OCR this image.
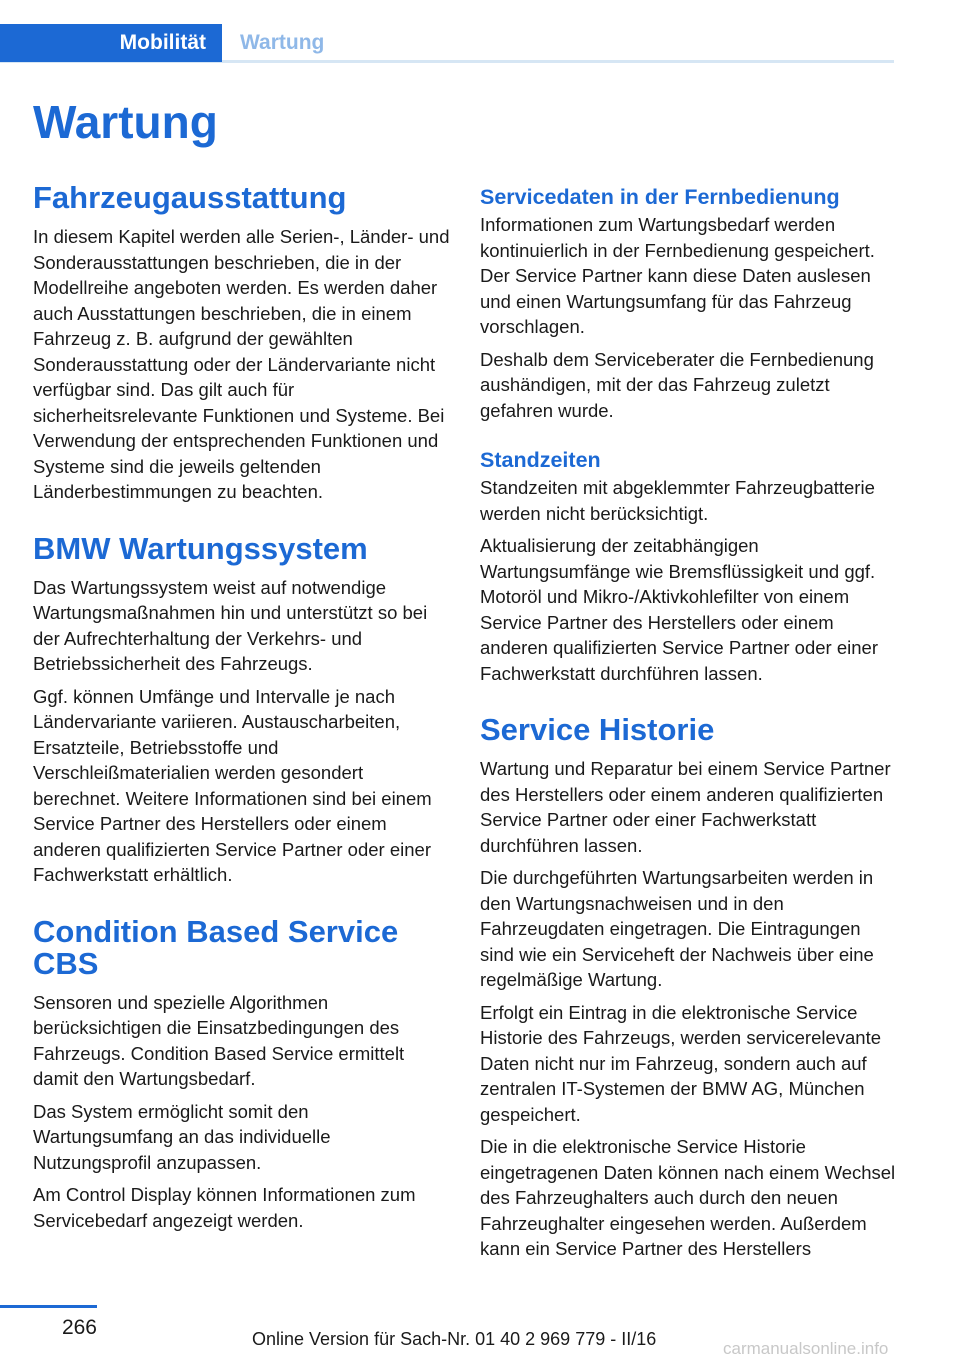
Mobilität Wartung
Wartung
Fahrzeugausstattung

In diesem Kapitel werden alle Serien-, Länder- und Sonderausstattungen beschrieben, die in der Modellreihe angeboten werden. Es werden daher auch Ausstattungen beschrieben, die in einem Fahrzeug z. B. aufgrund der gewählten Sonderausstattung oder der Ländervariante nicht verfügbar sind. Das gilt auch für sicherheitsrelevante Funktionen und Systeme. Bei Verwendung der entsprechenden Funktionen und Systeme sind die jeweils geltenden Länderbestimmungen zu beachten.

BMW Wartungssystem

Das Wartungssystem weist auf notwendige Wartungsmaßnahmen hin und unterstützt so bei der Aufrechterhaltung der Verkehrs- und Betriebssicherheit des Fahrzeugs.

Ggf. können Umfänge und Intervalle je nach Ländervariante variieren. Austauscharbeiten, Ersatzteile, Betriebsstoffe und Verschleißmaterialien werden gesondert berechnet. Weitere Informationen sind bei einem Service Partner des Herstellers oder einem anderen qualifizierten Service Partner oder einer Fachwerkstatt erhältlich.

Condition Based Service CBS

Sensoren und spezielle Algorithmen berücksichtigen die Einsatzbedingungen des Fahrzeugs. Condition Based Service ermittelt damit den Wartungsbedarf.

Das System ermöglicht somit den Wartungsumfang an das individuelle Nutzungsprofil anzupassen.

Am Control Display können Informationen zum Servicebedarf angezeigt werden.

Servicedaten in der Fernbedienung

Informationen zum Wartungsbedarf werden kontinuierlich in der Fernbedienung gespeichert. Der Service Partner kann diese Daten auslesen und einen Wartungsumfang für das Fahrzeug vorschlagen.

Deshalb dem Serviceberater die Fernbedienung aushändigen, mit der das Fahrzeug zuletzt gefahren wurde.

Standzeiten

Standzeiten mit abgeklemmter Fahrzeugbatterie werden nicht berücksichtigt.

Aktualisierung der zeitabhängigen Wartungsumfänge wie Bremsflüssigkeit und ggf. Motoröl und Mikro-/Aktivkohlefilter von einem Service Partner des Herstellers oder einem anderen qualifizierten Service Partner oder einer Fachwerkstatt durchführen lassen.

Service Historie

Wartung und Reparatur bei einem Service Partner des Herstellers oder einem anderen qualifizierten Service Partner oder einer Fachwerkstatt durchführen lassen.

Die durchgeführten Wartungsarbeiten werden in den Wartungsnachweisen und in den Fahrzeugdaten eingetragen. Die Eintragungen sind wie ein Serviceheft der Nachweis über eine regelmäßige Wartung.

Erfolgt ein Eintrag in die elektronische Service Historie des Fahrzeugs, werden servicerelevante Daten nicht nur im Fahrzeug, sondern auch auf zentralen IT-Systemen der BMW AG, München gespeichert.

Die in die elektronische Service Historie eingetragenen Daten können nach einem Wechsel des Fahrzeughalters auch durch den neuen Fahrzeughalter eingesehen werden. Außerdem kann ein Service Partner des Herstellers

266	Online Version für Sach-Nr. 01 40 2 969 779 - II/16	carmanualsonline.info
